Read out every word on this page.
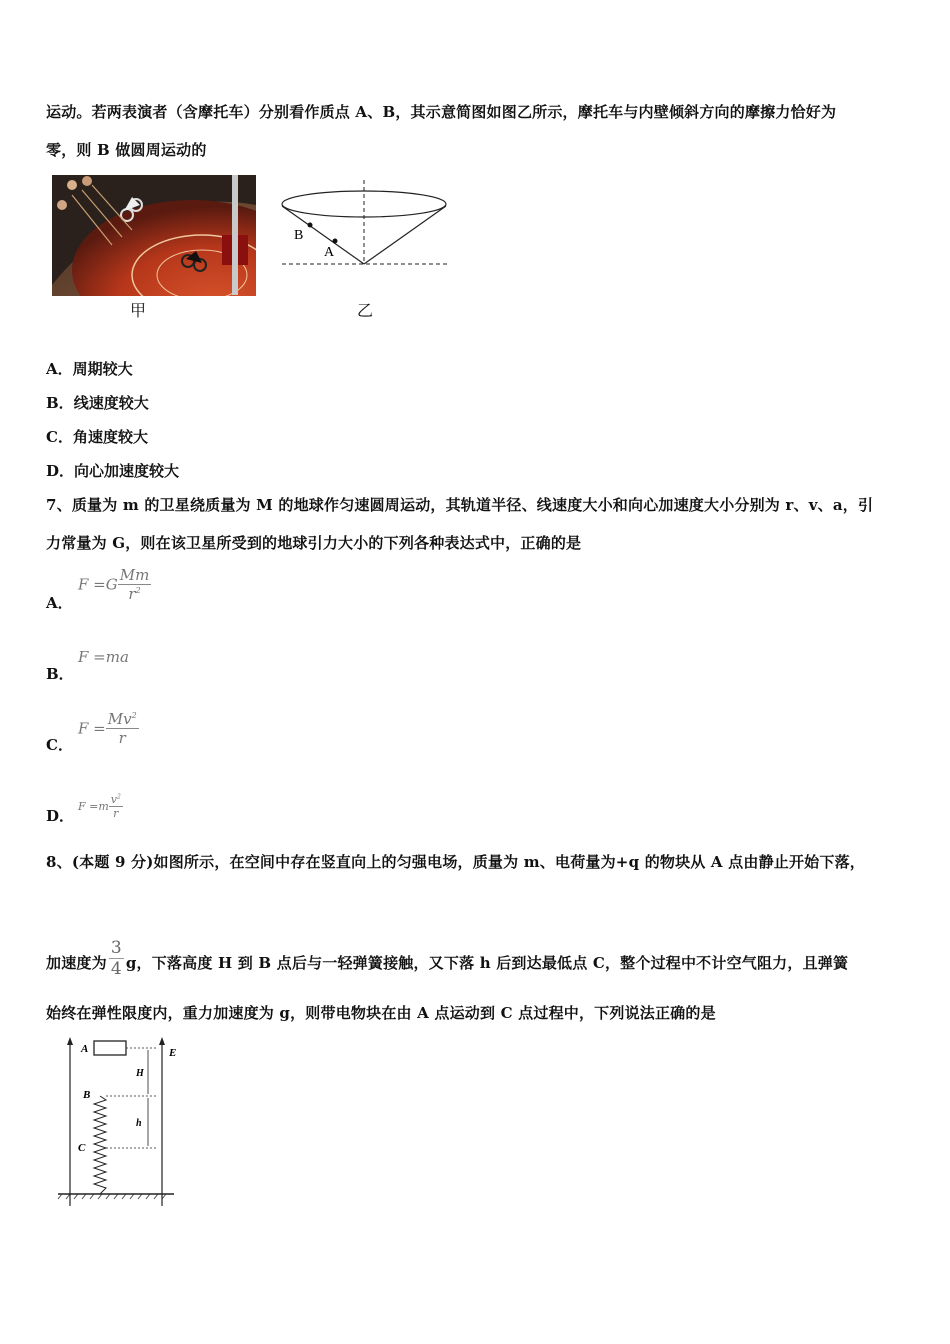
运动。若两表演者（含摩托车）分别看作质点 A、B，其示意简图如图乙所示，摩托车与内壁倾斜方向的摩擦力恰好为
零，则 B 做圆周运动的
甲
B
A
乙
A．周期较大
B．线速度较大
C．角速度较大
D．向心加速度较大
7、质量为 m 的卫星绕质量为 M 的地球作匀速圆周运动，其轨道半径、线速度大小和向心加速度大小分别为 r、v、a，引
力常量为 G，则在该卫星所受到的地球引力大小的下列各种表达式中，正确的是
A．
$F =G \frac{Mm}{r^2}$
B．
F =ma
C．
$F = \frac{Mv^2}{r}$
D．
$F =m \frac{v^2}{r}$
8、(本题 9 分)如图所示，在空间中存在竖直向上的匀强电场，质量为 m、电荷量为+q 的物块从 A 点由静止开始下落，
加速度为 $\frac{3}{4}$ g，下落高度 H 到 B 点后与一轻弹簧接触，又下落 h 后到达最低点 C，整个过程中不计空气阻力，且弹簧
始终在弹性限度内，重力加速度为 g，则带电物块在由 A 点运动到 C 点过程中，下列说法正确的是
A
B
C
E
H
h
